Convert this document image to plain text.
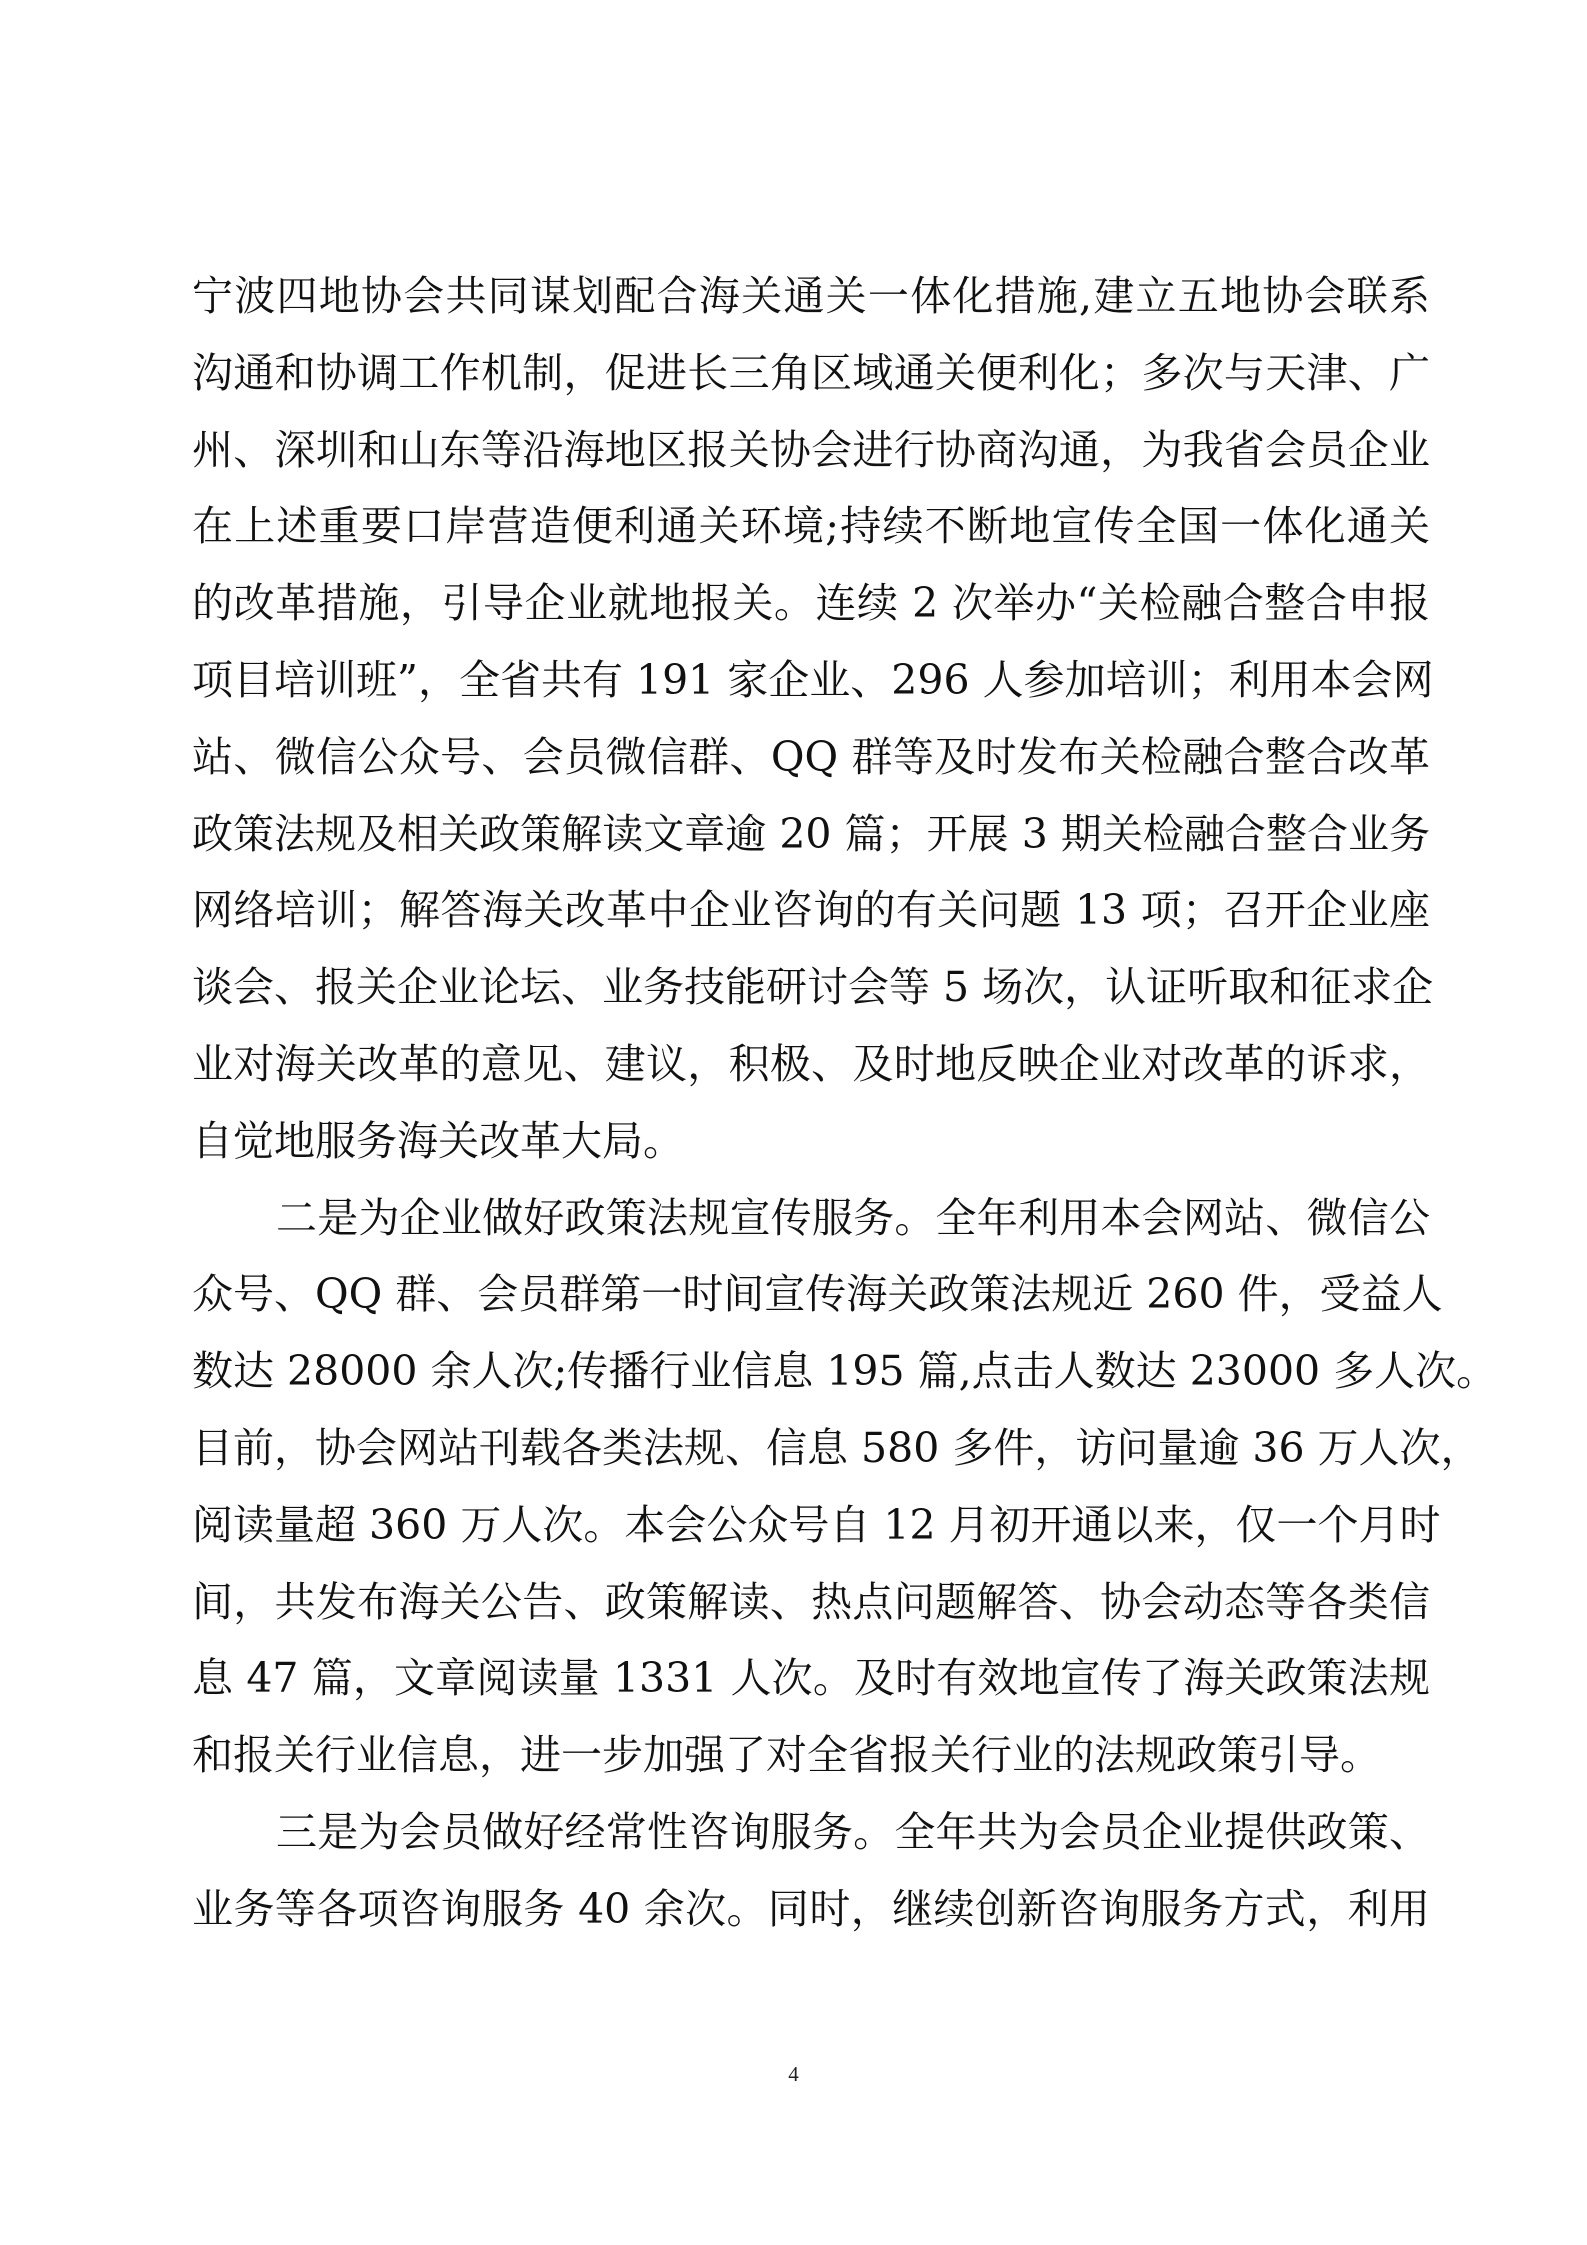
宁波四地协会共同谋划配合海关通关一体化措施,建立五地协会联系
沟通和协调工作机制，促进长三角区域通关便利化；多次与天津、广
州、深圳和山东等沿海地区报关协会进行协商沟通，为我省会员企业
在上述重要口岸营造便利通关环境;持续不断地宣传全国一体化通关
的改革措施，引导企业就地报关。连续 2 次举办“关检融合整合申报
项目培训班”，全省共有 191 家企业、296 人参加培训；利用本会网
站、微信公众号、会员微信群、QQ 群等及时发布关检融合整合改革
政策法规及相关政策解读文章逾 20 篇；开展 3 期关检融合整合业务
网络培训；解答海关改革中企业咨询的有关问题 13 项；召开企业座
谈会、报关企业论坛、业务技能研讨会等 5 场次，认证听取和征求企
业对海关改革的意见、建议，积极、及时地反映企业对改革的诉求，
自觉地服务海关改革大局。
二是为企业做好政策法规宣传服务。全年利用本会网站、微信公
众号、QQ 群、会员群第一时间宣传海关政策法规近 260 件，受益人
数达 28000 余人次;传播行业信息 195 篇,点击人数达 23000 多人次。
目前，协会网站刊载各类法规、信息 580 多件，访问量逾 36 万人次，
阅读量超 360 万人次。本会公众号自 12 月初开通以来，仅一个月时
间，共发布海关公告、政策解读、热点问题解答、协会动态等各类信
息 47 篇，文章阅读量 1331 人次。及时有效地宣传了海关政策法规
和报关行业信息，进一步加强了对全省报关行业的法规政策引导。
三是为会员做好经常性咨询服务。全年共为会员企业提供政策、
业务等各项咨询服务 40 余次。同时，继续创新咨询服务方式，利用
4
